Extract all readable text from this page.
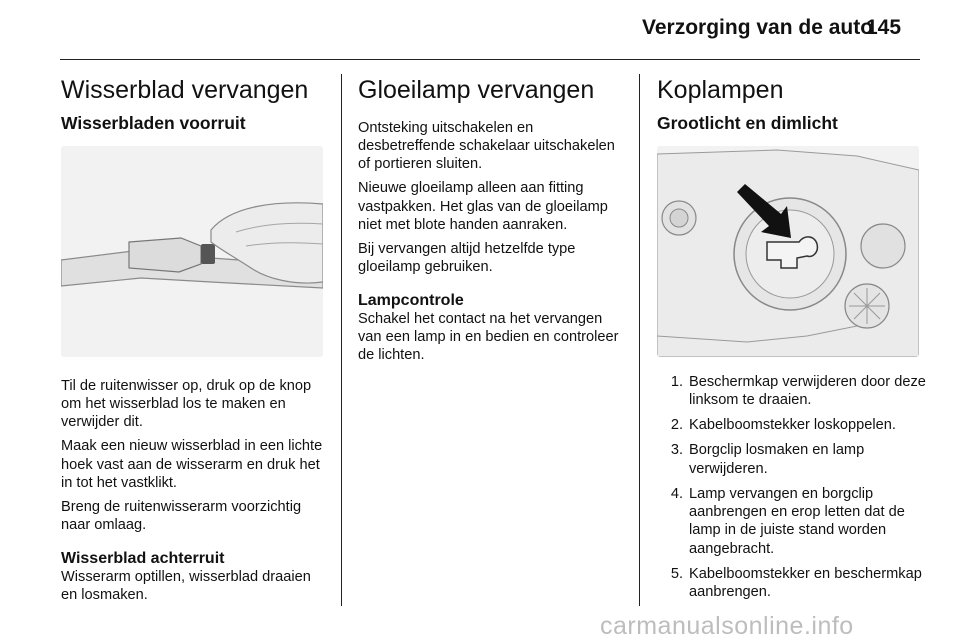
Verzorging van de auto
145
Wisserblad vervangen
Wisserbladen voorruit

Til de ruitenwisser op, druk op de knop om het wisserblad los te maken en verwijder dit.

Maak een nieuw wisserblad in een lichte hoek vast aan de wisserarm en druk het in tot het vastklikt.

Breng de ruitenwisserarm voorzichtig naar omlaag.

Wisserblad achterruit

Wisserarm optillen, wisserblad draaien en losmaken.

Gloeilamp vervangen

Ontsteking uitschakelen en desbetreffende schakelaar uitschakelen of portieren sluiten.

Nieuwe gloeilamp alleen aan fitting vastpakken. Het glas van de gloeilamp niet met blote handen aanraken.

Bij vervangen altijd hetzelfde type gloeilamp gebruiken.

Lampcontrole

Schakel het contact na het vervangen van een lamp in en bedien en controleer de lichten.

Koplampen
Grootlicht en dimlicht
1. Beschermkap verwijderen door deze linksom te draaien.
2. Kabelboomstekker loskoppelen.
3. Borgclip losmaken en lamp verwijderen.
4. Lamp vervangen en borgclip aanbrengen en erop letten dat de lamp in de juiste stand worden aangebracht.
5. Kabelboomstekker en beschermkap aanbrengen.
carmanualsonline.info
